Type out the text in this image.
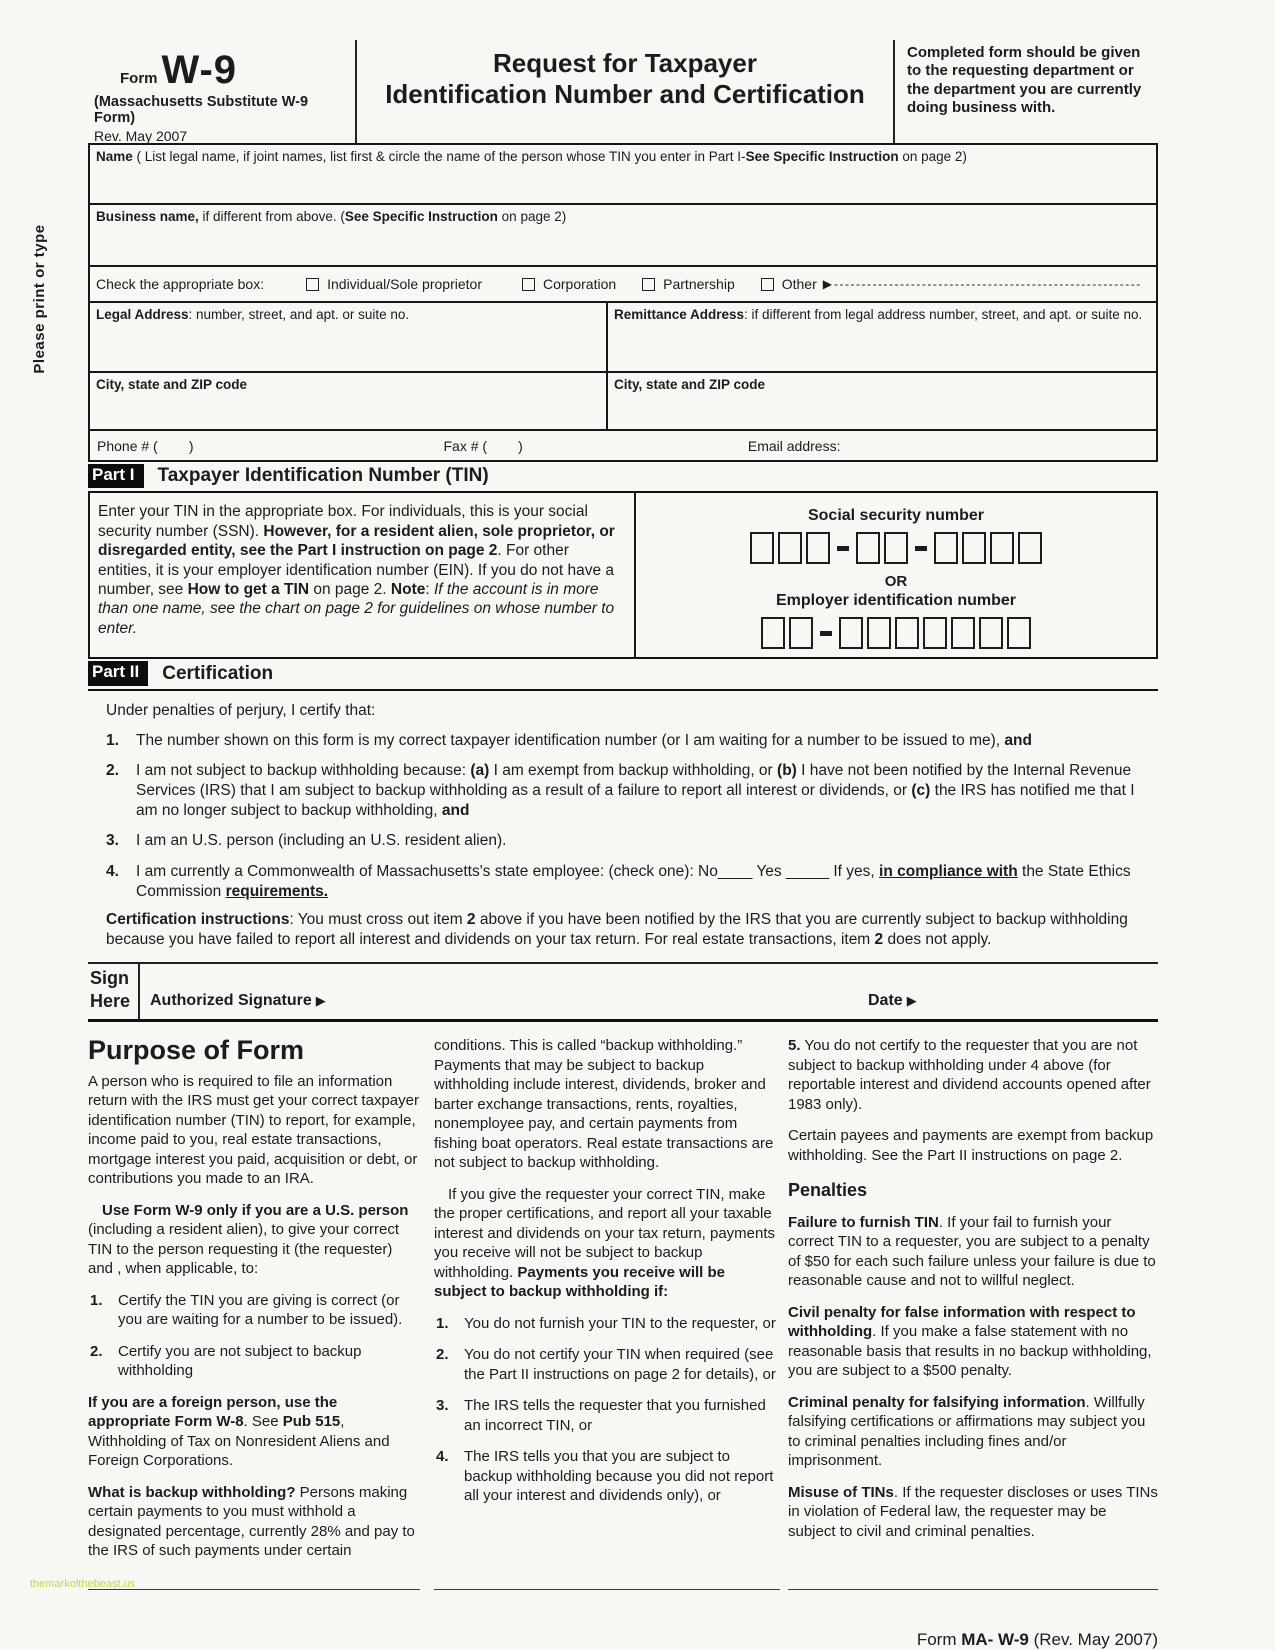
Please print or type
Form W-9
(Massachusetts Substitute W-9 Form)
Rev. May 2007
Request for Taxpayer
Identification Number and Certification
Completed form should be given to the requesting department or the department you are currently doing business with.
Name ( List legal name, if joint names, list first & circle the name of the person whose TIN you enter in Part I-See Specific Instruction on page 2)
Business name, if different from above. (See Specific Instruction on page 2)
Check the appropriate box:	Individual/Sole proprietor	Corporation	Partnership	Other ▶ --------------------------------------------------------
Legal Address: number, street, and apt. or suite no.	Remittance Address: if different from legal address number, street, and apt. or suite no.
City, state and ZIP code	City, state and ZIP code
Phone # (        )	Fax # (        )	Email address:
Part I	Taxpayer Identification Number (TIN)
Enter your TIN in the appropriate box. For individuals, this is your social security number (SSN). However, for a resident alien, sole proprietor, or disregarded entity, see the Part I instruction on page 2. For other entities, it is your employer identification number (EIN). If you do not have a number, see How to get a TIN on page 2. Note: If the account is in more than one name, see the chart on page 2 for guidelines on whose number to enter.
Social security number
OR
Employer identification number
Part II	Certification

Under penalties of perjury, I certify that:

1.	The number shown on this form is my correct taxpayer identification number (or I am waiting for a number to be issued to me), and
2.	I am not subject to backup withholding because: (a) I am exempt from backup withholding, or (b) I have not been notified by the Internal Revenue Services (IRS) that I am subject to backup withholding as a result of a failure to report all interest or dividends, or (c) the IRS has notified me that I am no longer subject to backup withholding, and
3.	I am an U.S. person (including an U.S. resident alien).
4.	I am currently a Commonwealth of Massachusetts's state employee: (check one): No____ Yes _____ If yes, in compliance with the State Ethics Commission requirements.

Certification instructions: You must cross out item 2 above if you have been notified by the IRS that you are currently subject to backup withholding because you have failed to report all interest and dividends on your tax return. For real estate transactions, item 2 does not apply.

Sign
Here	Authorized Signature ▶	Date ▶
Purpose of Form

A person who is required to file an information return with the IRS must get your correct taxpayer identification number (TIN) to report, for example, income paid to you, real estate transactions, mortgage interest you paid, acquisition or debt, or contributions you made to an IRA.

Use Form W-9 only if you are a U.S. person (including a resident alien), to give your correct TIN to the person requesting it (the requester) and , when applicable, to:

1.	Certify the TIN you are giving is correct (or you are waiting for a number to be issued).
2.	Certify you are not subject to backup withholding

If you are a foreign person, use the appropriate Form W-8. See Pub 515, Withholding of Tax on Nonresident Aliens and Foreign Corporations.

What is backup withholding? Persons making certain payments to you must withhold a designated percentage, currently 28% and pay to the IRS of such payments under certain

conditions. This is called “backup withholding.” Payments that may be subject to backup withholding include interest, dividends, broker and barter exchange transactions, rents, royalties, nonemployee pay, and certain payments from fishing boat operators. Real estate transactions are not subject to backup withholding.

If you give the requester your correct TIN, make the proper certifications, and report all your taxable interest and dividends on your tax return, payments you receive will not be subject to backup withholding. Payments you receive will be subject to backup withholding if:

1.	You do not furnish your TIN to the requester, or
2.	You do not certify your TIN when required (see the Part II instructions on page 2 for details), or
3.	The IRS tells the requester that you furnished an incorrect TIN, or
4.	The IRS tells you that you are subject to backup withholding because you did not report all your interest and dividends only), or

5. You do not certify to the requester that you are not subject to backup withholding under 4 above (for reportable interest and dividend accounts opened after 1983 only).

Certain payees and payments are exempt from backup withholding. See the Part II instructions on page 2.

Penalties

Failure to furnish TIN. If your fail to furnish your correct TIN to a requester, you are subject to a penalty of $50 for each such failure unless your failure is due to reasonable cause and not to willful neglect.

Civil penalty for false information with respect to withholding. If you make a false statement with no reasonable basis that results in no backup withholding, you are subject to a $500 penalty.

Criminal penalty for falsifying information. Willfully falsifying certifications or affirmations may subject you to criminal penalties including fines and/or imprisonment.

Misuse of TINs. If the requester discloses or uses TINs in violation of Federal law, the requester may be subject to civil and criminal penalties.

Form MA- W-9 (Rev. May 2007)
themarkolthebeast.us
